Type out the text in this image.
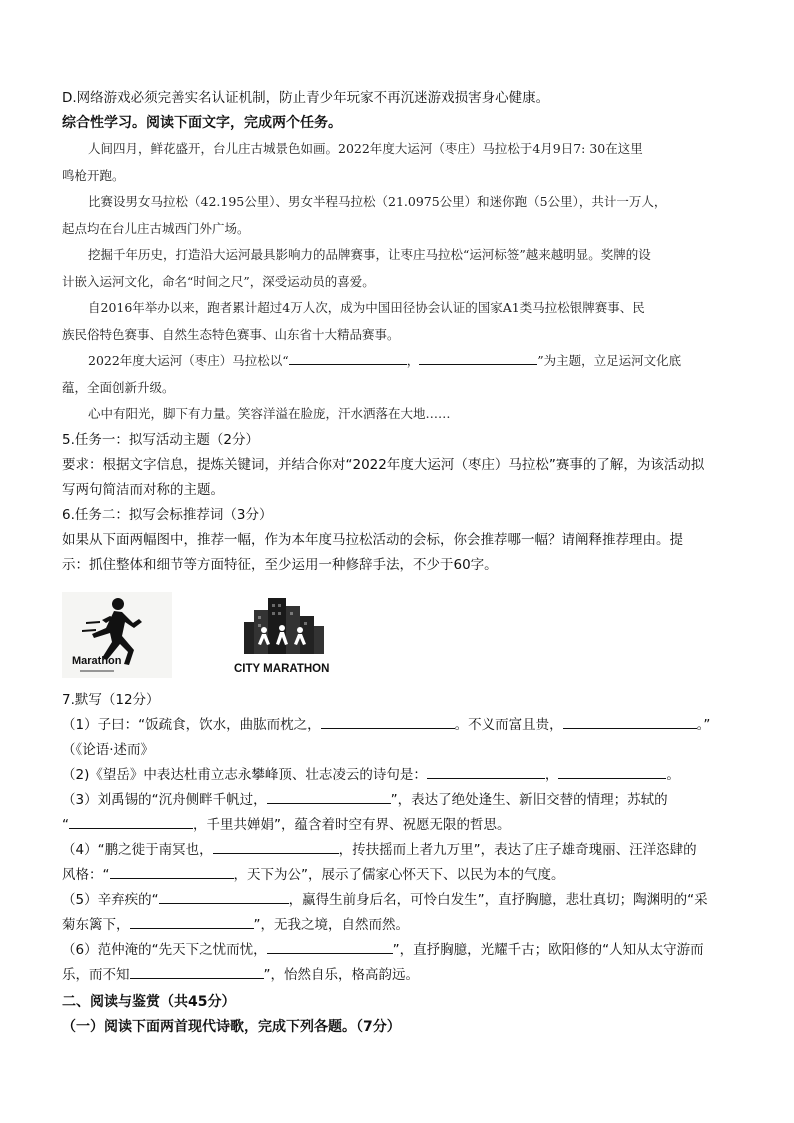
D.网络游戏必须完善实名认证机制，防止青少年玩家不再沉迷游戏损害身心健康。
综合性学习。阅读下面文字，完成两个任务。
人间四月，鲜花盛开，台儿庄古城景色如画。2022年度大运河（枣庄）马拉松于4月9日7: 30在这里
鸣枪开跑。
比赛设男女马拉松（42.195公里）、男女半程马拉松（21.0975公里）和迷你跑（5公里），共计一万人，
起点均在台儿庄古城西门外广场。
挖掘千年历史，打造沿大运河最具影响力的品牌赛事，让枣庄马拉松“运河标签”越来越明显。奖牌的设
计嵌入运河文化，命名“时间之尺”，深受运动员的喜爱。
自2016年举办以来，跑者累计超过4万人次，成为中国田径协会认证的国家A1类马拉松银牌赛事、民
族民俗特色赛事、自然生态特色赛事、山东省十大精品赛事。
2022年度大运河（枣庄）马拉松以“	，	”为主题，立足运河文化底
蕴，全面创新升级。
心中有阳光，脚下有力量。笑容洋溢在脸庞，汗水洒落在大地……
5.任务一：拟写活动主题（2分）
要求：根据文字信息，提炼关键词，并结合你对“2022年度大运河（枣庄）马拉松”赛事的了解，为该活动拟
写两句简洁而对称的主题。
6.任务二：拟写会标推荐词（3分）
如果从下面两幅图中，推荐一幅，作为本年度马拉松活动的会标，你会推荐哪一幅？请阐释推荐理由。提
示：抓住整体和细节等方面特征，至少运用一种修辞手法，不少于60字。
Marathon
CITY MARATHON
7.默写（12分）
（1）子曰：“饭疏食，饮水，曲肱而枕之，	。不义而富且贵，	。”
（《论语·述而》
（2)《望岳》中表达杜甫立志永攀峰顶、壮志凌云的诗句是：	，	。
（3）刘禹锡的“沉舟侧畔千帆过，	”，表达了绝处逢生、新旧交替的情理；苏轼的
“	，千里共婵娟”，蕴含着时空有界、祝愿无限的哲思。
（4）“鹏之徙于南冥也，	，抟扶摇而上者九万里”，表达了庄子雄奇瑰丽、汪洋恣肆的
风格：“	，天下为公”，展示了儒家心怀天下、以民为本的气度。
（5）辛弃疾的“	，赢得生前身后名，可怜白发生”，直抒胸臆，悲壮真切；陶渊明的“采
菊东篱下，	”，无我之境，自然而然。
（6）范仲淹的“先天下之忧而忧，	”，直抒胸臆，光耀千古；欧阳修的“人知从太守游而
乐，而不知	”，怡然自乐，格高韵远。
二、阅读与鉴赏（共45分）
（一）阅读下面两首现代诗歌，完成下列各题。（7分）
